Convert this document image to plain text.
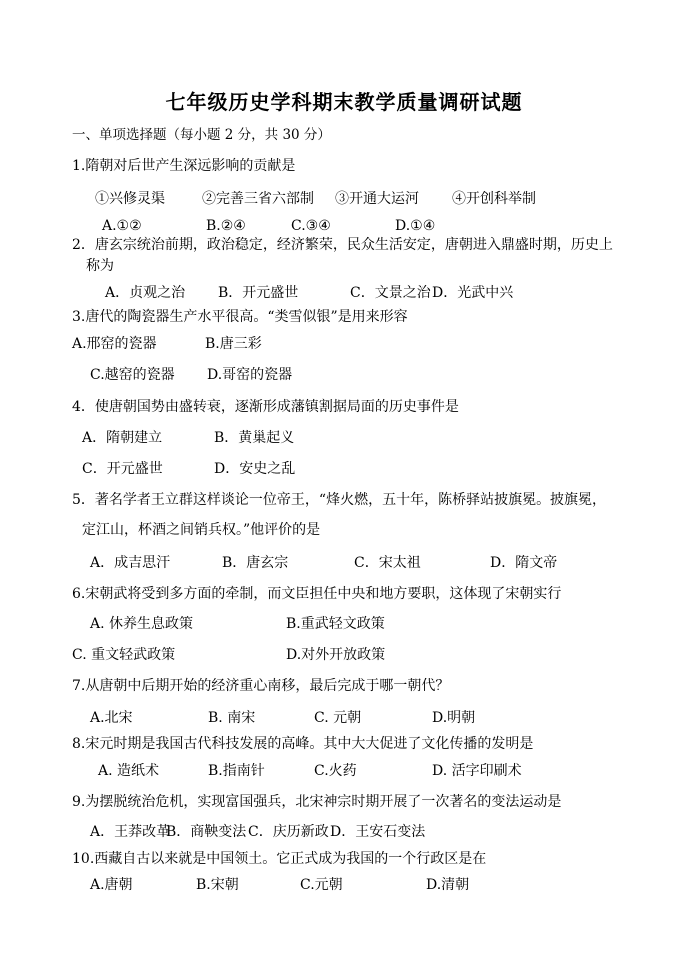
七年级历史学科期末教学质量调研试题
一、单项选择题（每小题 2 分，共 30 分）
1.隋朝对后世产生深远影响的贡献是
①兴修灵渠	②完善三省六部制 ③开通大运河 ④开创科举制
A.①②	B.②④	C.③④	D.①④
2．唐玄宗统治前期，政治稳定，经济繁荣，民众生活安定，唐朝进入鼎盛时期，历史上
称为
A．贞观之治 B．开元盛世	C．文景之治 D．光武中兴
3.唐代的陶瓷器生产水平很高。“类雪似银”是用来形容
A.邢窑的瓷器	B.唐三彩
C.越窑的瓷器 D.哥窑的瓷器
4．使唐朝国势由盛转衰，逐渐形成藩镇割据局面的历史事件是
A．隋朝建立	B．黄巢起义
C．开元盛世	D．安史之乱
5．著名学者王立群这样谈论一位帝王，“烽火燃，五十年，陈桥驿站披旗冕。披旗冕，
定江山，杯酒之间销兵权。”他评价的是
A．成吉思汗	B．唐玄宗	C．宋太祖	D．隋文帝
6.宋朝武将受到多方面的牵制，而文臣担任中央和地方要职，这体现了宋朝实行
A. 休养生息政策	B.重武轻文政策
C. 重文轻武政策	D.对外开放政策
7.从唐朝中后期开始的经济重心南移，最后完成于哪一朝代？
A.北宋	B. 南宋	C. 元朝	D.明朝
8.宋元时期是我国古代科技发展的高峰。其中大大促进了文化传播的发明是
A. 造纸术	B.指南针	C.火药	D. 活字印刷术
9.为摆脱统治危机，实现富国强兵，北宋神宗时期开展了一次著名的变法运动是
A．王莽改革
B．商鞅变法 C．庆历新政 D．王安石变法
10.西藏自古以来就是中国领土。它正式成为我国的一个行政区是在
A.唐朝	B.宋朝	C.元朝	D.清朝
